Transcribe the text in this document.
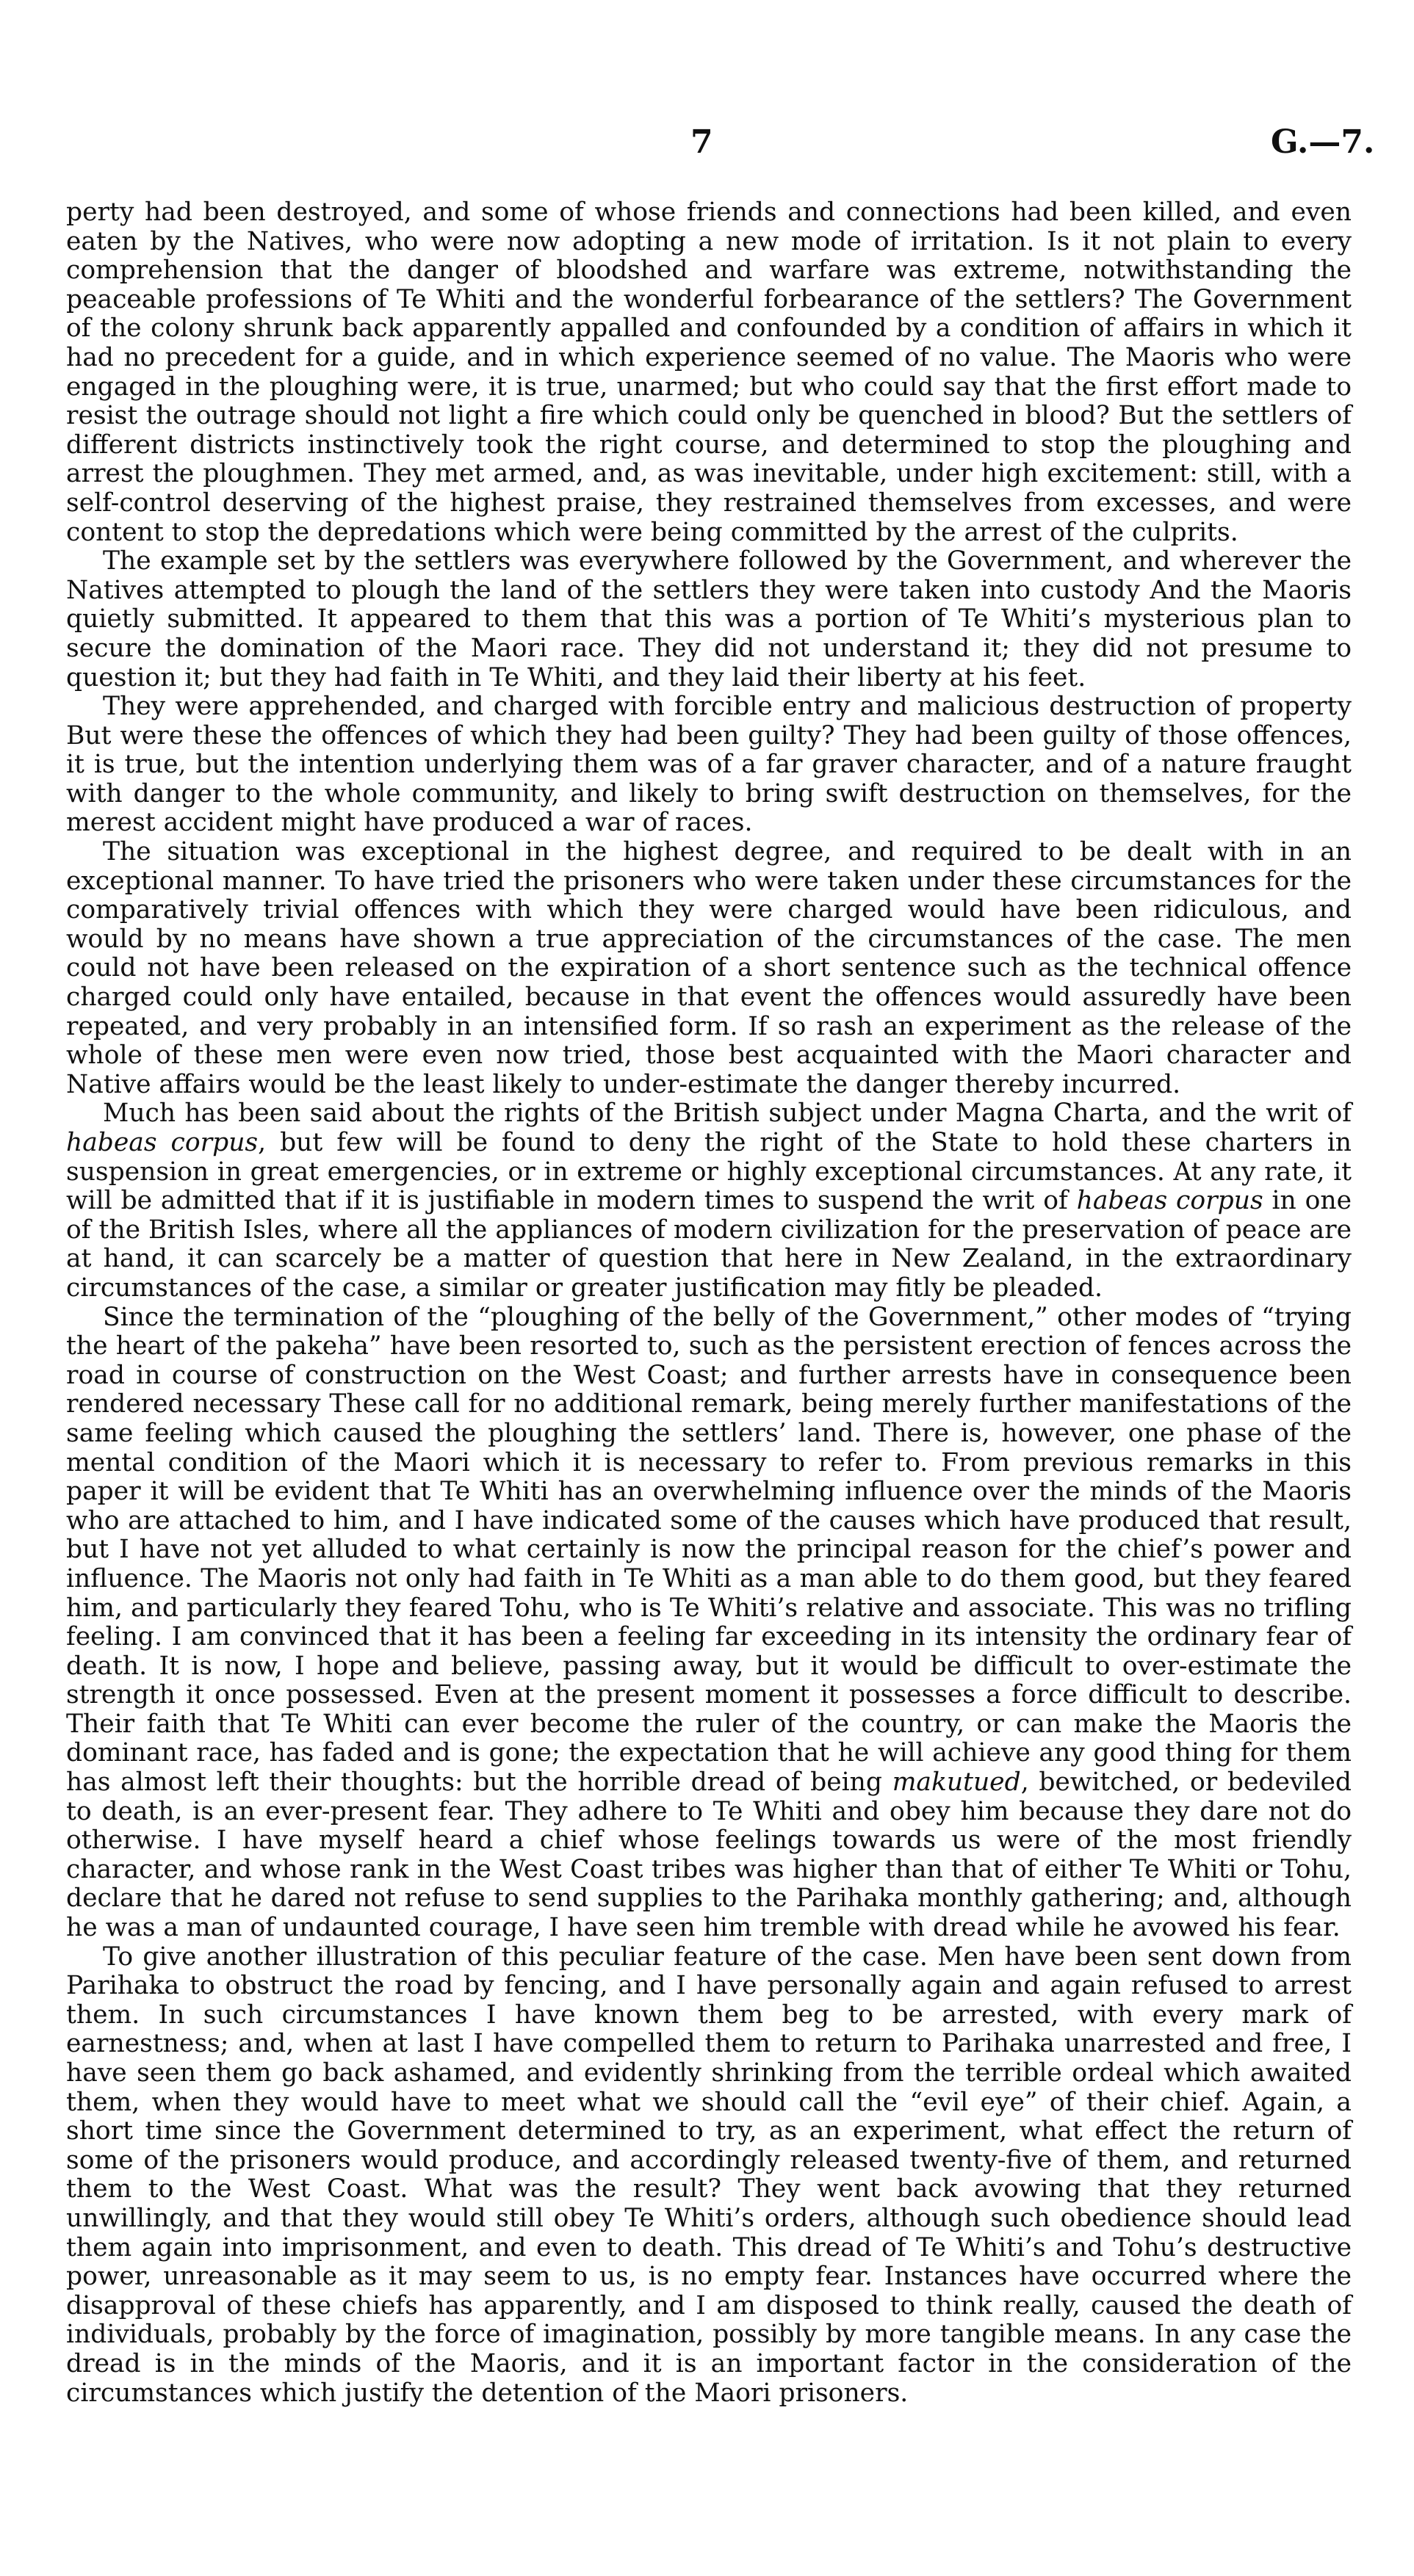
7	G.—7.

perty had been destroyed, and some of whose friends and connections had been killed, and even eaten by the Natives, who were now adopting a new mode of irritation. Is it not plain to every comprehension that the danger of bloodshed and warfare was extreme, notwithstanding the peaceable professions of Te Whiti and the wonderful forbearance of the settlers? The Government of the colony shrunk back apparently appalled and confounded by a condition of affairs in which it had no precedent for a guide, and in which experience seemed of no value. The Maoris who were engaged in the ploughing were, it is true, unarmed; but who could say that the first effort made to resist the outrage should not light a fire which could only be quenched in blood? But the settlers of different districts instinctively took the right course, and determined to stop the ploughing and arrest the ploughmen. They met armed, and, as was inevitable, under high excitement: still, with a self-control deserving of the highest praise, they restrained themselves from excesses, and were content to stop the depredations which were being committed by the arrest of the culprits.

The example set by the settlers was everywhere followed by the Government, and wherever the Natives attempted to plough the land of the settlers they were taken into custody And the Maoris quietly submitted. It appeared to them that this was a portion of Te Whiti’s mysterious plan to secure the domination of the Maori race. They did not understand it; they did not presume to question it; but they had faith in Te Whiti, and they laid their liberty at his feet.

They were apprehended, and charged with forcible entry and malicious destruction of property But were these the offences of which they had been guilty? They had been guilty of those offences, it is true, but the intention underlying them was of a far graver character, and of a nature fraught with danger to the whole community, and likely to bring swift destruction on themselves, for the merest accident might have produced a war of races.

The situation was exceptional in the highest degree, and required to be dealt with in an exceptional manner. To have tried the prisoners who were taken under these circumstances for the comparatively trivial offences with which they were charged would have been ridiculous, and would by no means have shown a true appreciation of the circumstances of the case. The men could not have been released on the expiration of a short sentence such as the technical offence charged could only have entailed, because in that event the offences would assuredly have been repeated, and very probably in an intensified form. If so rash an experiment as the release of the whole of these men were even now tried, those best acquainted with the Maori character and Native affairs would be the least likely to under-estimate the danger thereby incurred.

Much has been said about the rights of the British subject under Magna Charta, and the writ of habeas corpus, but few will be found to deny the right of the State to hold these charters in suspension in great emergencies, or in extreme or highly exceptional circumstances. At any rate, it will be admitted that if it is justifiable in modern times to suspend the writ of habeas corpus in one of the British Isles, where all the appliances of modern civilization for the preservation of peace are at hand, it can scarcely be a matter of question that here in New Zealand, in the extraordinary circumstances of the case, a similar or greater justification may fitly be pleaded.

Since the termination of the “ploughing of the belly of the Government,” other modes of “trying the heart of the pakeha” have been resorted to, such as the persistent erection of fences across the road in course of construction on the West Coast; and further arrests have in consequence been rendered necessary These call for no additional remark, being merely further manifestations of the same feeling which caused the ploughing the settlers’ land. There is, however, one phase of the mental condition of the Maori which it is necessary to refer to. From previous remarks in this paper it will be evident that Te Whiti has an overwhelming influence over the minds of the Maoris who are attached to him, and I have indicated some of the causes which have produced that result, but I have not yet alluded to what certainly is now the principal reason for the chief’s power and influence. The Maoris not only had faith in Te Whiti as a man able to do them good, but they feared him, and particularly they feared Tohu, who is Te Whiti’s relative and associate. This was no trifling feeling. I am convinced that it has been a feeling far exceeding in its intensity the ordinary fear of death. It is now, I hope and believe, passing away, but it would be difficult to over-estimate the strength it once possessed. Even at the present moment it possesses a force difficult to describe. Their faith that Te Whiti can ever become the ruler of the country, or can make the Maoris the dominant race, has faded and is gone; the expectation that he will achieve any good thing for them has almost left their thoughts: but the horrible dread of being makutued, bewitched, or bedeviled to death, is an ever-present fear. They adhere to Te Whiti and obey him because they dare not do otherwise. I have myself heard a chief whose feelings towards us were of the most friendly character, and whose rank in the West Coast tribes was higher than that of either Te Whiti or Tohu, declare that he dared not refuse to send supplies to the Parihaka monthly gathering; and, although he was a man of undaunted courage, I have seen him tremble with dread while he avowed his fear.

To give another illustration of this peculiar feature of the case. Men have been sent down from Parihaka to obstruct the road by fencing, and I have personally again and again refused to arrest them. In such circumstances I have known them beg to be arrested, with every mark of earnestness; and, when at last I have compelled them to return to Parihaka unarrested and free, I have seen them go back ashamed, and evidently shrinking from the terrible ordeal which awaited them, when they would have to meet what we should call the “evil eye” of their chief. Again, a short time since the Government determined to try, as an experiment, what effect the return of some of the prisoners would produce, and accordingly released twenty-five of them, and returned them to the West Coast. What was the result? They went back avowing that they returned unwillingly, and that they would still obey Te Whiti’s orders, although such obedience should lead them again into imprisonment, and even to death. This dread of Te Whiti’s and Tohu’s destructive power, unreasonable as it may seem to us, is no empty fear. Instances have occurred where the disapproval of these chiefs has apparently, and I am disposed to think really, caused the death of individuals, probably by the force of imagination, possibly by more tangible means. In any case the dread is in the minds of the Maoris, and it is an important factor in the consideration of the circumstances which justify the detention of the Maori prisoners.
